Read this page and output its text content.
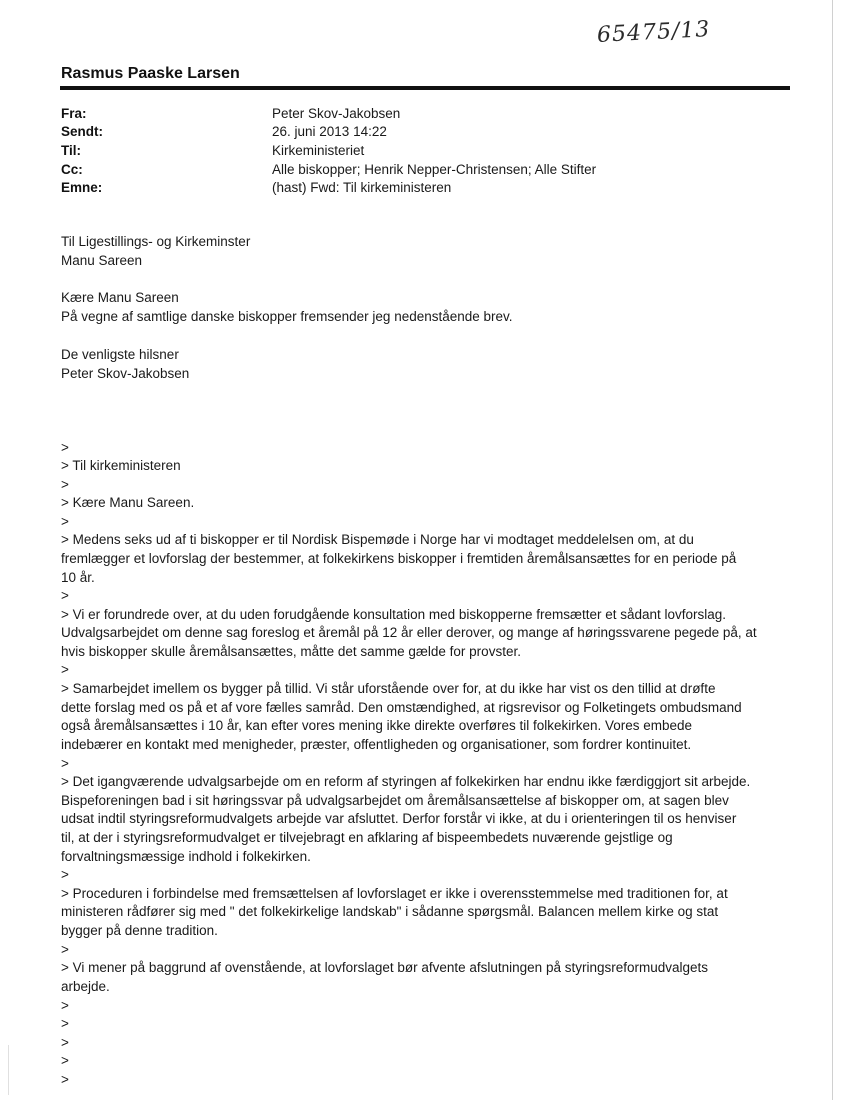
65475/13
Rasmus Paaske Larsen
Fra:	Peter Skov-Jakobsen
Sendt:	26. juni 2013 14:22
Til:	Kirkeministeriet
Cc:	Alle biskopper; Henrik Nepper-Christensen; Alle Stifter
Emne:	(hast) Fwd: Til kirkeministeren
Til Ligestillings- og Kirkeminster
Manu Sareen
Kære Manu Sareen
På vegne af samtlige danske biskopper fremsender jeg nedenstående brev.
De venligste hilsner
Peter Skov-Jakobsen
>
> Til kirkeministeren
>
> Kære Manu Sareen.
>
> Medens seks ud af ti biskopper er til Nordisk Bispemøde i Norge har vi modtaget meddelelsen om, at du
fremlægger et lovforslag der bestemmer, at folkekirkens biskopper i fremtiden åremålsansættes for en periode på
10 år.
>
> Vi er forundrede over, at du uden forudgående konsultation med biskopperne fremsætter et sådant lovforslag.
Udvalgsarbejdet om denne sag foreslog et åremål på 12 år eller derover, og mange af høringssvarene pegede på, at
hvis biskopper skulle åremålsansættes, måtte det samme gælde for provster.
>
> Samarbejdet imellem os bygger på tillid. Vi står uforstående over for, at du ikke har vist os den tillid at drøfte
dette forslag med os på et af vore fælles samråd. Den omstændighed, at rigsrevisor og Folketingets ombudsmand
også åremålsansættes i 10 år, kan efter vores mening ikke direkte overføres til folkekirken. Vores embede
indebærer en kontakt med menigheder, præster, offentligheden og organisationer, som fordrer kontinuitet.
>
> Det igangværende udvalgsarbejde om en reform af styringen af folkekirken har endnu ikke færdiggjort sit arbejde.
Bispeforeningen bad i sit høringssvar på udvalgsarbejdet om åremålsansættelse af biskopper om, at sagen blev
udsat indtil styringsreformudvalgets arbejde var afsluttet. Derfor forstår vi ikke, at du i orienteringen til os henviser
til, at der i styringsreformudvalget er tilvejebragt en afklaring af bispeembedets nuværende gejstlige og
forvaltningsmæssige indhold i folkekirken.
>
> Proceduren i forbindelse med fremsættelsen af lovforslaget er ikke i overensstemmelse med traditionen for, at
ministeren rådfører sig med " det folkekirkelige landskab" i sådanne spørgsmål. Balancen mellem kirke og stat
bygger på denne tradition.
>
> Vi mener på baggrund af ovenstående, at lovforslaget bør afvente afslutningen på styringsreformudvalgets
arbejde.
>
>
>
>
>
